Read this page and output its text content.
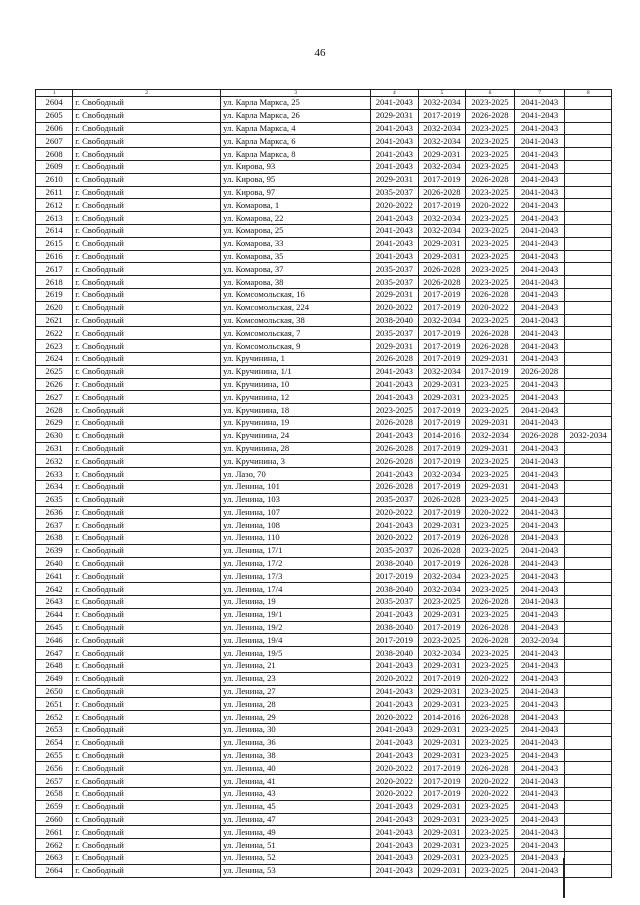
46
1	2	3	4	5	6	7	8
2604	г. Свободный	ул. Карла Маркса, 25	2041-2043	2032-2034	2023-2025	2041-2043	
2605	г. Свободный	ул. Карла Маркса, 26	2029-2031	2017-2019	2026-2028	2041-2043	
2606	г. Свободный	ул. Карла Маркса, 4	2041-2043	2032-2034	2023-2025	2041-2043	
2607	г. Свободный	ул. Карла Маркса, 6	2041-2043	2032-2034	2023-2025	2041-2043	
2608	г. Свободный	ул. Карла Маркса, 8	2041-2043	2029-2031	2023-2025	2041-2043	
2609	г. Свободный	ул. Кирова, 93	2041-2043	2032-2034	2023-2025	2041-2043	
2610	г. Свободный	ул. Кирова, 95	2029-2031	2017-2019	2026-2028	2041-2043	
2611	г. Свободный	ул. Кирова, 97	2035-2037	2026-2028	2023-2025	2041-2043	
2612	г. Свободный	ул. Комарова, 1	2020-2022	2017-2019	2020-2022	2041-2043	
2613	г. Свободный	ул. Комарова, 22	2041-2043	2032-2034	2023-2025	2041-2043	
2614	г. Свободный	ул. Комарова, 25	2041-2043	2032-2034	2023-2025	2041-2043	
2615	г. Свободный	ул. Комарова, 33	2041-2043	2029-2031	2023-2025	2041-2043	
2616	г. Свободный	ул. Комарова, 35	2041-2043	2029-2031	2023-2025	2041-2043	
2617	г. Свободный	ул. Комарова, 37	2035-2037	2026-2028	2023-2025	2041-2043	
2618	г. Свободный	ул. Комарова, 38	2035-2037	2026-2028	2023-2025	2041-2043	
2619	г. Свободный	ул. Комсомольская, 16	2029-2031	2017-2019	2026-2028	2041-2043	
2620	г. Свободный	ул. Комсомольская, 224	2020-2022	2017-2019	2020-2022	2041-2043	
2621	г. Свободный	ул. Комсомольская, 38	2038-2040	2032-2034	2023-2025	2041-2043	
2622	г. Свободный	ул. Комсомольская, 7	2035-2037	2017-2019	2026-2028	2041-2043	
2623	г. Свободный	ул. Комсомольская, 9	2029-2031	2017-2019	2026-2028	2041-2043	
2624	г. Свободный	ул. Кручинина, 1	2026-2028	2017-2019	2029-2031	2041-2043	
2625	г. Свободный	ул. Кручинина, 1/1	2041-2043	2032-2034	2017-2019	2026-2028	
2626	г. Свободный	ул. Кручинина, 10	2041-2043	2029-2031	2023-2025	2041-2043	
2627	г. Свободный	ул. Кручинина, 12	2041-2043	2029-2031	2023-2025	2041-2043	
2628	г. Свободный	ул. Кручинина, 18	2023-2025	2017-2019	2023-2025	2041-2043	
2629	г. Свободный	ул. Кручинина, 19	2026-2028	2017-2019	2029-2031	2041-2043	
2630	г. Свободный	ул. Кручинина, 24	2041-2043	2014-2016	2032-2034	2026-2028	2032-2034
2631	г. Свободный	ул. Кручинина, 28	2026-2028	2017-2019	2029-2031	2041-2043	
2632	г. Свободный	ул. Кручинина, 3	2026-2028	2017-2019	2023-2025	2041-2043	
2633	г. Свободный	ул. Лазо, 70	2041-2043	2032-2034	2023-2025	2041-2043	
2634	г. Свободный	ул. Ленина, 101	2026-2028	2017-2019	2029-2031	2041-2043	
2635	г. Свободный	ул. Ленина, 103	2035-2037	2026-2028	2023-2025	2041-2043	
2636	г. Свободный	ул. Ленина, 107	2020-2022	2017-2019	2020-2022	2041-2043	
2637	г. Свободный	ул. Ленина, 108	2041-2043	2029-2031	2023-2025	2041-2043	
2638	г. Свободный	ул. Ленина, 110	2020-2022	2017-2019	2026-2028	2041-2043	
2639	г. Свободный	ул. Ленина, 17/1	2035-2037	2026-2028	2023-2025	2041-2043	
2640	г. Свободный	ул. Ленина, 17/2	2038-2040	2017-2019	2026-2028	2041-2043	
2641	г. Свободный	ул. Ленина, 17/3	2017-2019	2032-2034	2023-2025	2041-2043	
2642	г. Свободный	ул. Ленина, 17/4	2038-2040	2032-2034	2023-2025	2041-2043	
2643	г. Свободный	ул. Ленина, 19	2035-2037	2023-2025	2026-2028	2041-2043	
2644	г. Свободный	ул. Ленина, 19/1	2041-2043	2029-2031	2023-2025	2041-2043	
2645	г. Свободный	ул. Ленина, 19/2	2038-2040	2017-2019	2026-2028	2041-2043	
2646	г. Свободный	ул. Ленина, 19/4	2017-2019	2023-2025	2026-2028	2032-2034	
2647	г. Свободный	ул. Ленина, 19/5	2038-2040	2032-2034	2023-2025	2041-2043	
2648	г. Свободный	ул. Ленина, 21	2041-2043	2029-2031	2023-2025	2041-2043	
2649	г. Свободный	ул. Ленина, 23	2020-2022	2017-2019	2020-2022	2041-2043	
2650	г. Свободный	ул. Ленина, 27	2041-2043	2029-2031	2023-2025	2041-2043	
2651	г. Свободный	ул. Ленина, 28	2041-2043	2029-2031	2023-2025	2041-2043	
2652	г. Свободный	ул. Ленина, 29	2020-2022	2014-2016	2026-2028	2041-2043	
2653	г. Свободный	ул. Ленина, 30	2041-2043	2029-2031	2023-2025	2041-2043	
2654	г. Свободный	ул. Ленина, 36	2041-2043	2029-2031	2023-2025	2041-2043	
2655	г. Свободный	ул. Ленина, 38	2041-2043	2029-2031	2023-2025	2041-2043	
2656	г. Свободный	ул. Ленина, 40	2020-2022	2017-2019	2026-2028	2041-2043	
2657	г. Свободный	ул. Ленина, 41	2020-2022	2017-2019	2020-2022	2041-2043	
2658	г. Свободный	ул. Ленина, 43	2020-2022	2017-2019	2020-2022	2041-2043	
2659	г. Свободный	ул. Ленина, 45	2041-2043	2029-2031	2023-2025	2041-2043	
2660	г. Свободный	ул. Ленина, 47	2041-2043	2029-2031	2023-2025	2041-2043	
2661	г. Свободный	ул. Ленина, 49	2041-2043	2029-2031	2023-2025	2041-2043	
2662	г. Свободный	ул. Ленина, 51	2041-2043	2029-2031	2023-2025	2041-2043	
2663	г. Свободный	ул. Ленина, 52	2041-2043	2029-2031	2023-2025	2041-2043	
2664	г. Свободный	ул. Ленина, 53	2041-2043	2029-2031	2023-2025	2041-2043	
